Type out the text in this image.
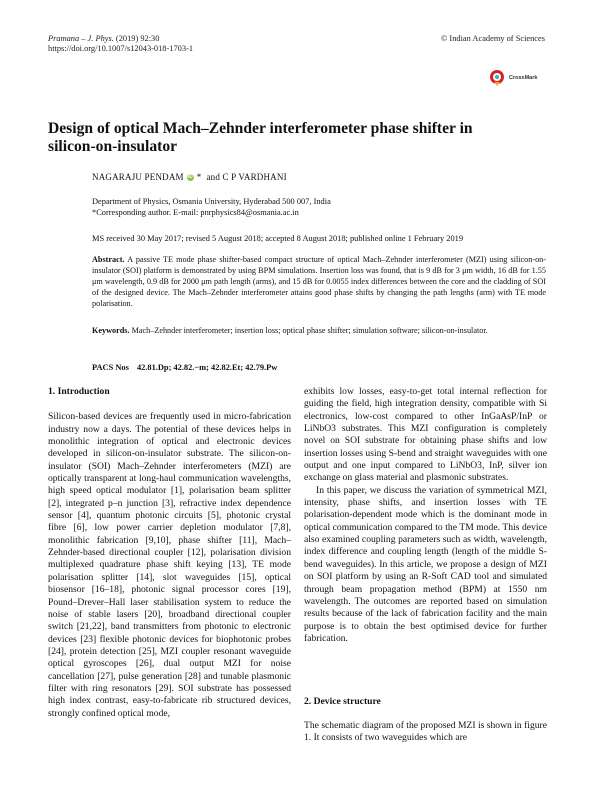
Pramana – J. Phys. (2019) 92:30
https://doi.org/10.1007/s12043-018-1703-1
© Indian Academy of Sciences
CrossMark
Design of optical Mach–Zehnder interferometer phase shifter in silicon-on-insulator
NAGARAJU PENDAM iD * and C P VARDHANI
Department of Physics, Osmania University, Hyderabad 500 007, India
*Corresponding author. E-mail: pnrphysics84@osmania.ac.in
MS received 30 May 2017; revised 5 August 2018; accepted 8 August 2018; published online 1 February 2019
Abstract. A passive TE mode phase shifter-based compact structure of optical Mach–Zehnder interferometer (MZI) using silicon-on-insulator (SOI) platform is demonstrated by using BPM simulations. Insertion loss was found, that is 9 dB for 3 μm width, 16 dB for 1.55 μm wavelength, 0.9 dB for 2000 μm path length (arms), and 15 dB for 0.0055 index differences between the core and the cladding of SOI of the designed device. The Mach–Zehnder interferometer attains good phase shifts by changing the path lengths (arm) with TE mode polarisation.
Keywords. Mach–Zehnder interferometer; insertion loss; optical phase shifter; simulation software; silicon-on-insulator.
PACS Nos 42.81.Dp; 42.82.−m; 42.82.Et; 42.79.Pw
1. Introduction

Silicon-based devices are frequently used in micro-fabrication industry now a days. The potential of these devices helps in monolithic integration of optical and electronic devices developed in silicon-on-insulator substrate. The silicon-on-insulator (SOI) Mach–Zehnder interferometers (MZI) are optically transparent at long-haul communication wavelengths, high speed optical modulator [1], polarisation beam splitter [2], integrated p–n junction [3], refractive index dependence sensor [4], quantum photonic circuits [5], photonic crystal fibre [6], low power carrier depletion modulator [7,8], monolithic fabrication [9,10], phase shifter [11], Mach–Zehnder-based directional coupler [12], polarisation division multiplexed quadrature phase shift keying [13], TE mode polarisation splitter [14], slot waveguides [15], optical biosensor [16–18], photonic signal processor cores [19], Pound–Drever–Hall laser stabilisation system to reduce the noise of stable lasers [20], broadband directional coupler switch [21,22], band transmitters from photonic to electronic devices [23] flexible photonic devices for biophotonic probes [24], protein detection [25], MZI coupler resonant waveguide optical gyroscopes [26], dual output MZI for noise cancellation [27], pulse generation [28] and tunable plasmonic filter with ring resonators [29]. SOI substrate has possessed high index contrast, easy-to-fabricate rib structured devices, strongly confined optical mode,

exhibits low losses, easy-to-get total internal reflection for guiding the field, high integration density, compatible with Si electronics, low-cost compared to other InGaAsP/InP or LiNbO3 substrates. This MZI configuration is completely novel on SOI substrate for obtaining phase shifts and low insertion losses using S-bend and straight waveguides with one output and one input compared to LiNbO3, InP, silver ion exchange on glass material and plasmonic substrates.

In this paper, we discuss the variation of symmetrical MZI, intensity, phase shifts, and insertion losses with TE polarisation-dependent mode which is the dominant mode in optical communication compared to the TM mode. This device also examined coupling parameters such as width, wavelength, index difference and coupling length (length of the middle S-bend waveguides). In this article, we propose a design of MZI on SOI platform by using an R-Soft CAD tool and simulated through beam propagation method (BPM) at 1550 nm wavelength. The outcomes are reported based on simulation results because of the lack of fabrication facility and the main purpose is to obtain the best optimised device for further fabrication.

2. Device structure
The schematic diagram of the proposed MZI is shown in figure 1. It consists of two waveguides which are
